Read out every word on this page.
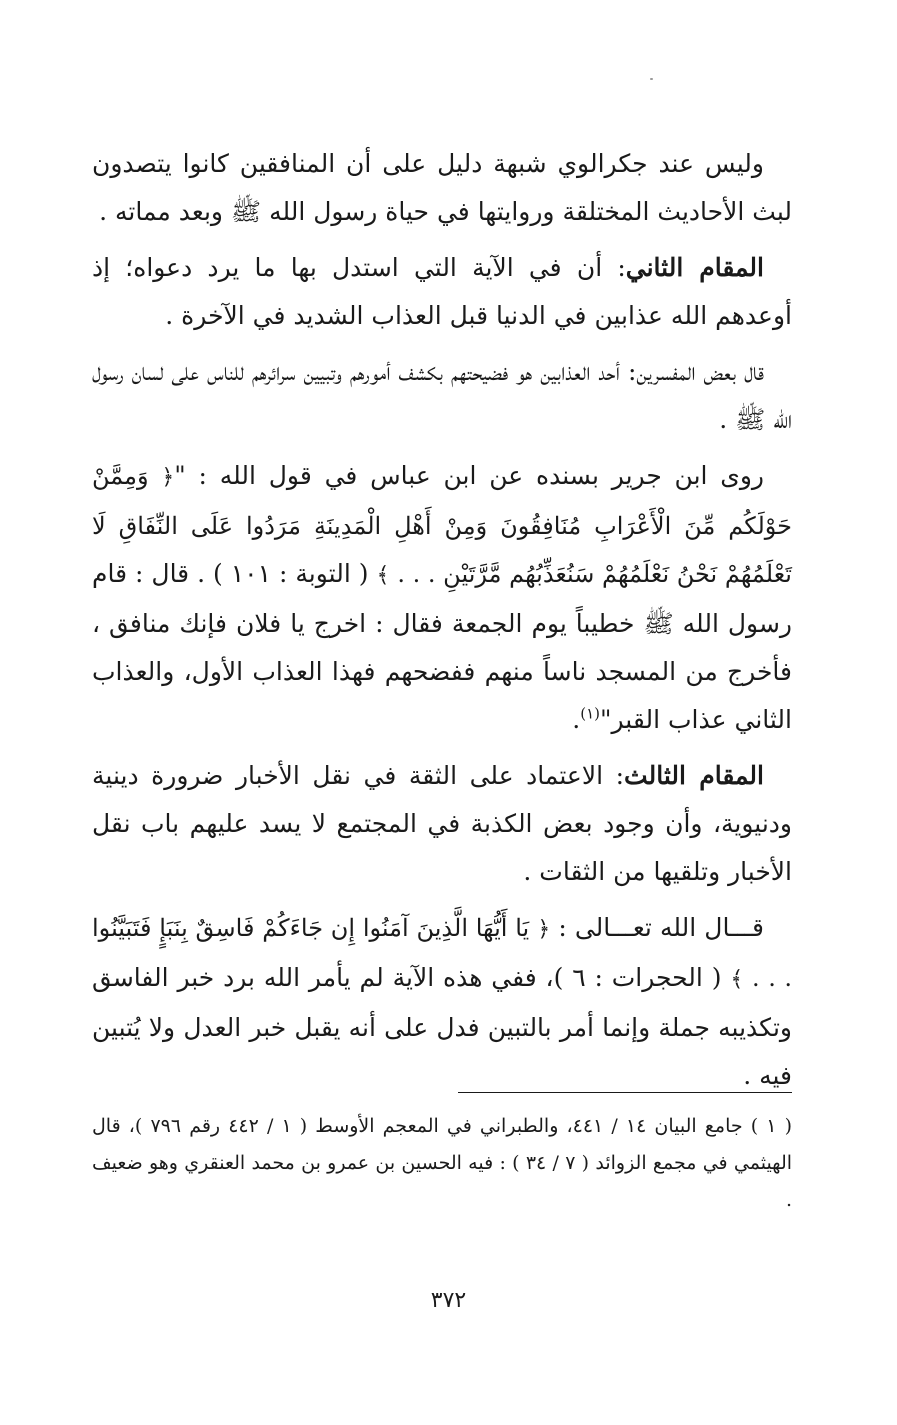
وليس عند جكرالوي شبهة دليل على أن المنافقين كانوا يتصدون لبث الأحاديث المختلقة وروايتها في حياة رسول الله ﷺ وبعد مماته .

المقام الثاني: أن في الآية التي استدل بها ما يرد دعواه؛ إذ أوعدهم الله عذابين في الدنيا قبل العذاب الشديد في الآخرة .

قال بعض المفسرين: أحد العذابين هو فضيحتهم بكشف أمورهم وتبيين سرائرهم للناس على لسان رسول الله ﷺ .

روى ابن جرير بسنده عن ابن عباس في قول الله : "﴿ وَمِمَّنْ حَوْلَكُم مِّنَ الْأَعْرَابِ مُنَافِقُونَ وَمِنْ أَهْلِ الْمَدِينَةِ مَرَدُوا عَلَى النِّفَاقِ لَا تَعْلَمُهُمْ نَحْنُ نَعْلَمُهُمْ سَنُعَذِّبُهُم مَّرَّتَيْنِ . . . ﴾ ( التوبة : ١٠١ ) . قال : قام رسول الله ﷺ خطيباً يوم الجمعة فقال : اخرج يا فلان فإنك منافق ، فأخرج من المسجد ناساً منهم ففضحهم فهذا العذاب الأول، والعذاب الثاني عذاب القبر"$^{(١)}$.

المقام الثالث: الاعتماد على الثقة في نقل الأخبار ضرورة دينية ودنيوية، وأن وجود بعض الكذبة في المجتمع لا يسد عليهم باب نقل الأخبار وتلقيها من الثقات .

قـــال الله تعـــالى : ﴿ يَا أَيُّهَا الَّذِينَ آمَنُوا إِن جَاءَكُمْ فَاسِقٌ بِنَبَإٍ فَتَبَيَّنُوا . . . ﴾ ( الحجرات : ٦ )، ففي هذه الآية لم يأمر الله برد خبر الفاسق وتكذيبه جملة وإنما أمر بالتبين فدل على أنه يقبل خبر العدل ولا يُتبين فيه .

( ١ ) جامع البيان ١٤ / ٤٤١، والطبراني في المعجم الأوسط ( ١ / ٤٤٢ رقم ٧٩٦ )، قال الهيثمي في مجمع الزوائد ( ٧ / ٣٤ ) : فيه الحسين بن عمرو بن محمد العنقري وهو ضعيف .

٣٧٢
